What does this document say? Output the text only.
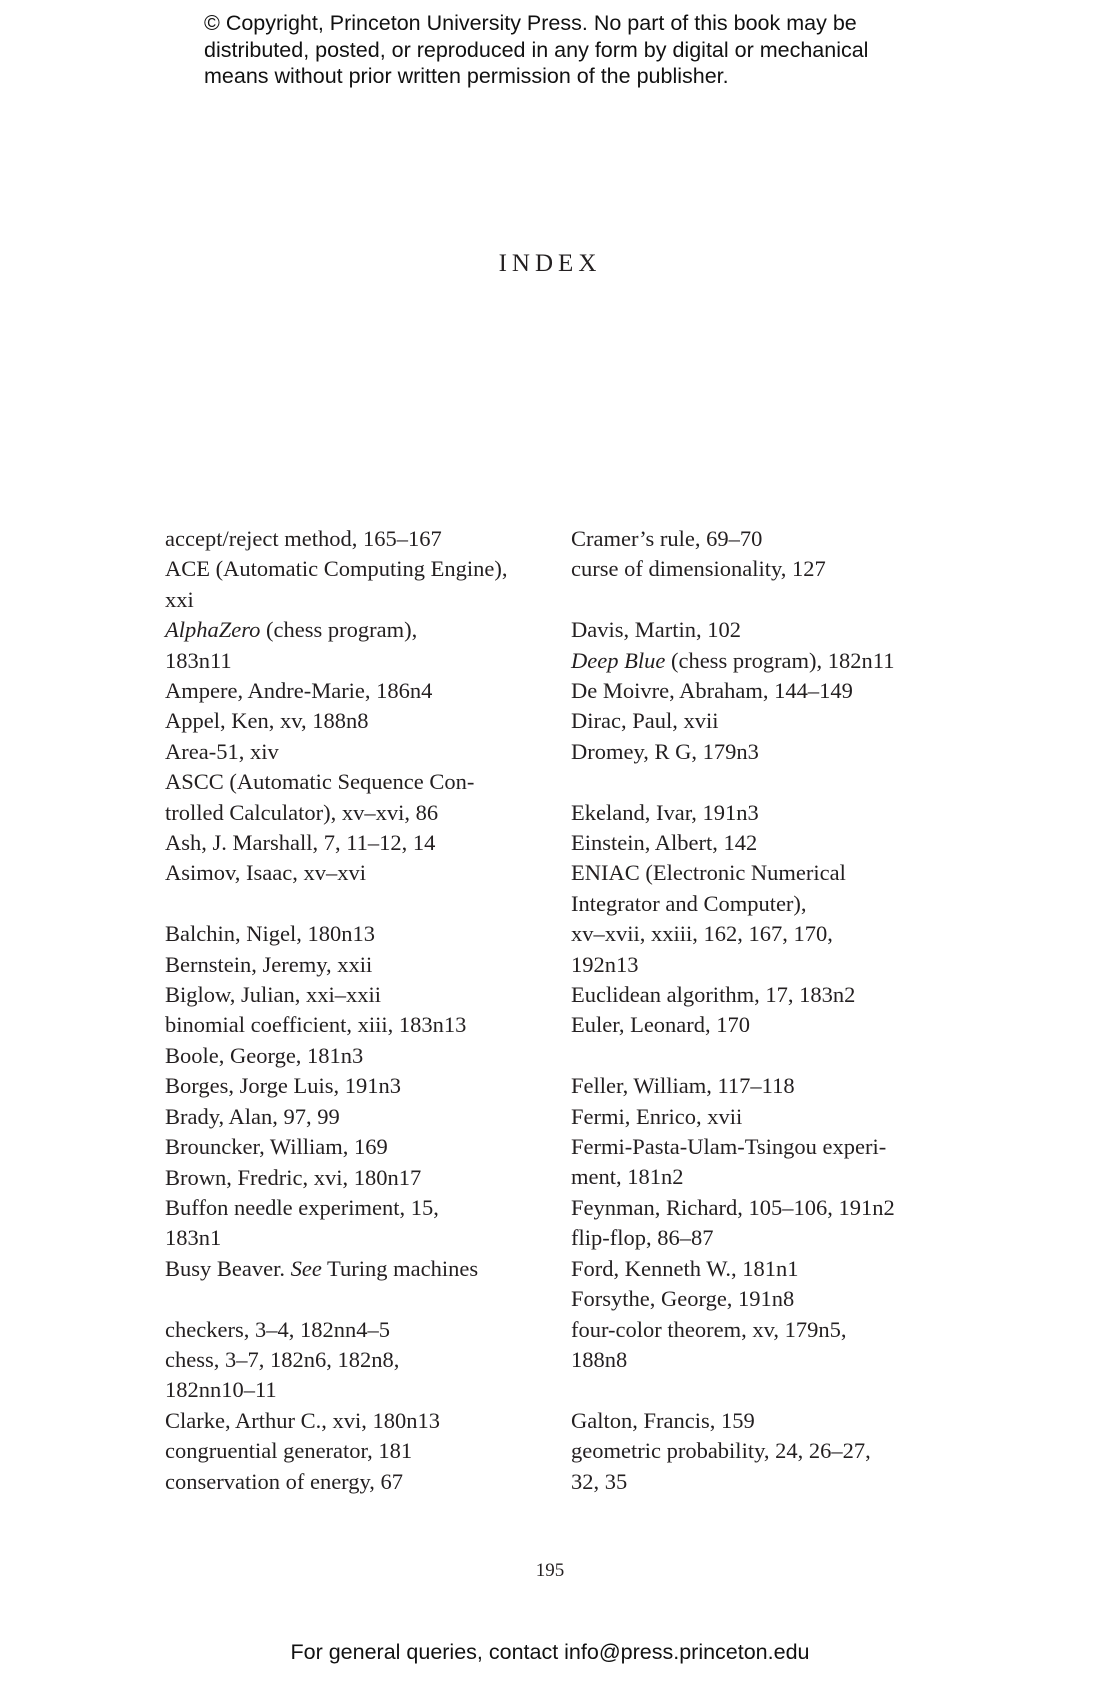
© Copyright, Princeton University Press. No part of this book may be
distributed, posted, or reproduced in any form by digital or mechanical
means without prior written permission of the publisher.
INDEX
accept/reject method, 165–167
ACE (Automatic Computing Engine),
xxi
AlphaZero (chess program),
183n11
Ampere, Andre-Marie, 186n4
Appel, Ken, xv, 188n8
Area-51, xiv
ASCC (Automatic Sequence Con-
trolled Calculator), xv–xvi, 86
Ash, J. Marshall, 7, 11–12, 14
Asimov, Isaac, xv–xvi
Balchin, Nigel, 180n13
Bernstein, Jeremy, xxii
Biglow, Julian, xxi–xxii
binomial coefficient, xiii, 183n13
Boole, George, 181n3
Borges, Jorge Luis, 191n3
Brady, Alan, 97, 99
Brouncker, William, 169
Brown, Fredric, xvi, 180n17
Buffon needle experiment, 15,
183n1
Busy Beaver. See Turing machines
checkers, 3–4, 182nn4–5
chess, 3–7, 182n6, 182n8,
182nn10–11
Clarke, Arthur C., xvi, 180n13
congruential generator, 181
conservation of energy, 67
Cramer’s rule, 69–70
curse of dimensionality, 127
Davis, Martin, 102
Deep Blue (chess program), 182n11
De Moivre, Abraham, 144–149
Dirac, Paul, xvii
Dromey, R G, 179n3
Ekeland, Ivar, 191n3
Einstein, Albert, 142
ENIAC (Electronic Numerical
Integrator and Computer),
xv–xvii, xxiii, 162, 167, 170,
192n13
Euclidean algorithm, 17, 183n2
Euler, Leonard, 170
Feller, William, 117–118
Fermi, Enrico, xvii
Fermi-Pasta-Ulam-Tsingou experi-
ment, 181n2
Feynman, Richard, 105–106, 191n2
flip-flop, 86–87
Ford, Kenneth W., 181n1
Forsythe, George, 191n8
four-color theorem, xv, 179n5,
188n8
Galton, Francis, 159
geometric probability, 24, 26–27,
32, 35
195
For general queries, contact info@press.princeton.edu
